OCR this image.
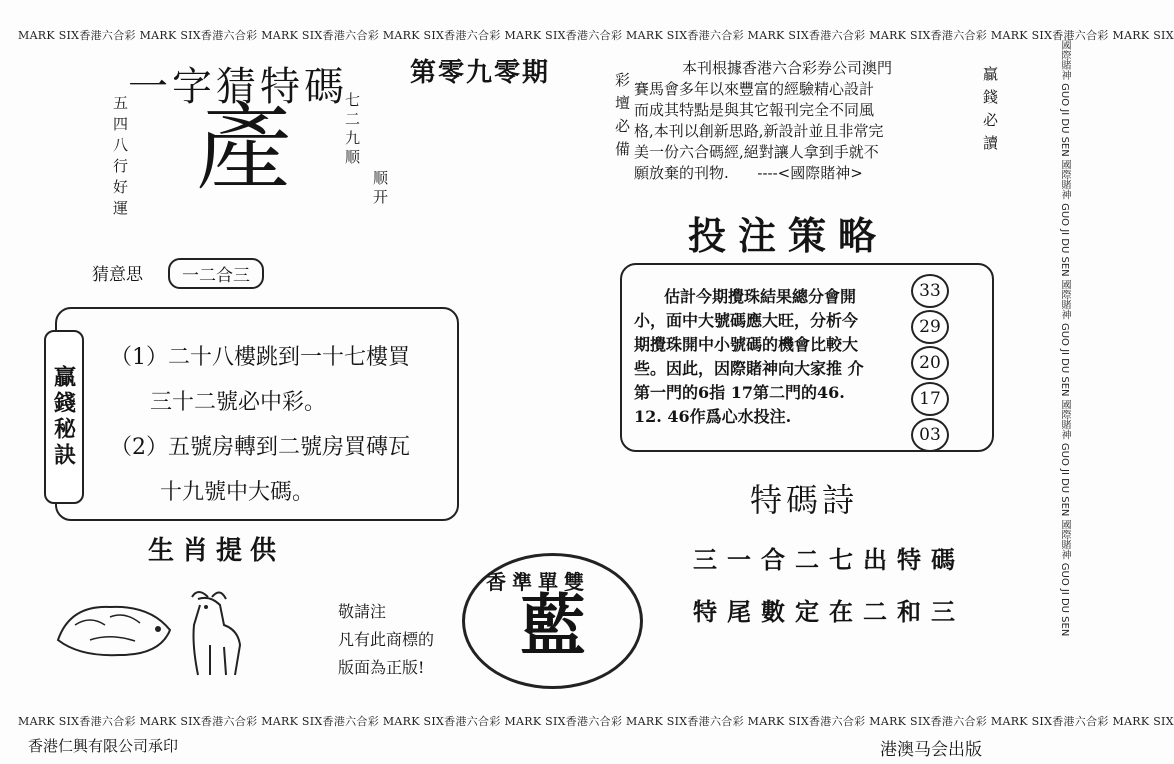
MARK SIX香港六合彩 MARK SIX香港六合彩 MARK SIX香港六合彩 MARK SIX香港六合彩 MARK SIX香港六合彩 MARK SIX香港六合彩 MARK SIX香港六合彩 MARK SIX香港六合彩 MARK SIX香港六合彩 MARK SIX
MARK SIX香港六合彩 MARK SIX香港六合彩 MARK SIX香港六合彩 MARK SIX香港六合彩 MARK SIX香港六合彩 MARK SIX香港六合彩 MARK SIX香港六合彩 MARK SIX香港六合彩 MARK SIX香港六合彩 MARK SIX
國際賭神 GUO JI DU SEN 國際賭神 GUO JI DU SEN 國際賭神 GUO JI DU SEN 國際賭神 GUO JI DU SEN 國際賭神 GUO JI DU SEN
一字猜特碼 第零九零期
五四八行好運 產	七二九顺
顺开
猜意思	一二合三
贏錢秘訣
（1）二十八樓跳到一十七樓買
三十二號必中彩。
（2）五號房轉到二號房買磚瓦
十九號中大碼。
生肖提供
敬請注
凡有此商標的
版面為正版!
香準單雙
藍
香港仁興有限公司承印
彩壇必備	贏錢必讀
本刊根據香港六合彩券公司澳門
賽馬會多年以來豐富的經驗精心設計
而成其特點是與其它報刊完全不同風
格,本刊以創新思路,新設計並且非常完
美一份六合碼經,絕對讓人拿到手就不
願放棄的刊物.      ----<國際賭神>
投注策略
估計今期攪珠結果總分會開
小，面中大號碼應大旺，分析今
期攪珠開中小號碼的機會比較大
些。因此，因際賭神向大家推 介
第一門的6指 17第二門的46.
12. 46作爲心水投注.
33
29
20
17
03
特碼詩
三一合二七出特碼
特尾數定在二和三
港澳马会出版
